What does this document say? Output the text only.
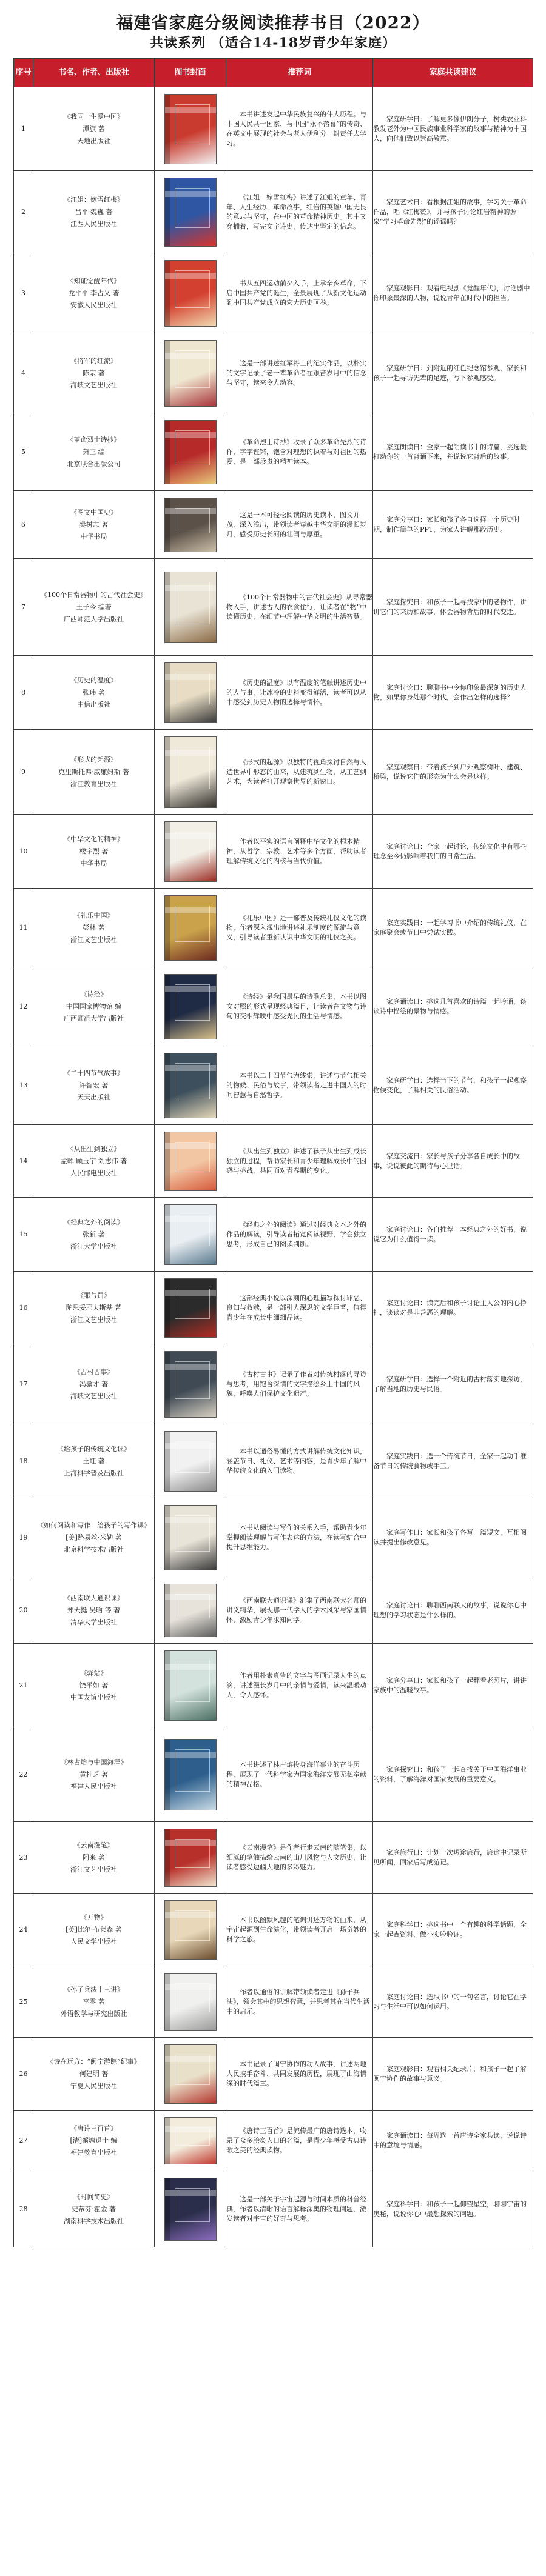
福建省家庭分级阅读推荐书目（2022）
共读系列 （适合14-18岁青少年家庭）
序号	书名、作者、出版社	图书封面	推荐词	家庭共读建议
1	《我同一生爱中国》
潭旗 著
天地出版社		本书讲述发起中华民族复兴的伟大历程。与中国人民共十国家、与中国“永不落幕”的传奇、在英文中展现的社会与老人伊利分一封责任去学习。	家庭研学日：了解更多像伊朗分子，树类农业科教发老外为中国民族事业科学家的故事与精神为中国人，向他们致以崇高敬意。

2	《江姐：嫁雪红梅》
吕平 魏巍 著
江西人民出版社		《江姐：嫁雪红梅》讲述了江姐的童年、青年、人生经历、革命故事，红岩的英雄中国无畏的意志与坚守，在中国的革命精神历史。其中又穿插着，写完文字诗史，传达出坚定的信念。	家庭艺术日：看根据江姐的故事，学习关于革命作品，唱《红梅赞》，并与孩子讨论红岩精神的源泉“学习革命先烈”的谣谣吗？

3	《知证觉醒年代》
龙平平 李占义 著
安徽人民出版社		书从五四运动前夕入手，上承辛亥革命，下启中国共产党的诞生，全景展现了从新文化运动到中国共产党成立的宏大历史画卷。	家庭观影日：观看电视剧《觉醒年代》，讨论剧中你印象最深的人物，说说青年在时代中的担当。

4	《将军的红流》
陈宗 著
海峡文艺出版社		这是一部讲述红军将士的纪实作品，以朴实的文字记录了老一辈革命者在艰苦岁月中的信念与坚守，读来令人动容。	家庭研学日：到附近的红色纪念馆参观，家长和孩子一起寻访先辈的足迹，写下参观感受。

5	《革命烈士诗抄》
萧三 编
北京联合出版公司		《革命烈士诗抄》收录了众多革命先烈的诗作，字字铿锵，饱含对理想的执着与对祖国的热爱，是一部珍贵的精神读本。	家庭朗读日：全家一起朗读书中的诗篇，挑选最打动你的一首背诵下来，并说说它背后的故事。

6	《图文中国史》
樊树志 著
中华书局		这是一本可轻松阅读的历史读本，图文并茂、深入浅出，带领读者穿越中华文明的漫长岁月，感受历史长河的壮阔与厚重。	家庭分享日：家长和孩子各自选择一个历史时期，制作简单的PPT，为家人讲解那段历史。

7	《100个日常器物中的古代社会史》
王子今 编著
广西师范大学出版社		《100个日常器物中的古代社会史》从寻常器物入手，讲述古人的衣食住行，让读者在“物”中读懂历史，在细节中理解中华文明的生活智慧。	家庭探究日：和孩子一起寻找家中的老物件，讲讲它们的来历和故事，体会器物背后的时代变迁。

8	《历史的温度》
张玮 著
中信出版社		《历史的温度》以有温度的笔触讲述历史中的人与事，让冰冷的史料变得鲜活，读者可以从中感受到历史人物的选择与情怀。	家庭讨论日：聊聊书中令你印象最深刻的历史人物，如果你身处那个时代，会作出怎样的选择？

9	《形式的起源》
克里斯托弗·威廉姆斯 著
浙江教育出版社		《形式的起源》以独特的视角探讨自然与人造世界中形态的由来，从建筑到生物，从工艺到艺术，为读者打开观察世界的新窗口。	家庭观察日：带着孩子到户外观察树叶、建筑、桥梁，说说它们的形态为什么会是这样。

10	《中华文化的精神》
楼宇烈 著
中华书局		作者以平实的语言阐释中华文化的根本精神，从哲学、宗教、艺术等多个方面，帮助读者理解传统文化的内核与当代价值。	家庭讨论日：全家一起讨论，传统文化中有哪些理念至今仍影响着我们的日常生活。

11	《礼乐中国》
彭林 著
浙江文艺出版社		《礼乐中国》是一部普及传统礼仪文化的读物，作者深入浅出地讲述礼乐制度的源流与意义，引导读者重新认识中华文明的礼仪之美。	家庭实践日：一起学习书中介绍的传统礼仪，在家庭聚会或节日中尝试实践。

12	《诗经》
中国国家博物馆 编
广西师范大学出版社		《诗经》是我国最早的诗歌总集，本书以图文对照的形式呈现经典篇目，让读者在文物与诗句的交相辉映中感受先民的生活与情感。	家庭诵读日：挑选几首喜欢的诗篇一起吟诵，谈谈诗中描绘的景物与情感。

13	《二十四节气故事》
许智宏 著
天天出版社		本书以二十四节气为线索，讲述与节气相关的物候、民俗与故事，带领读者走进中国人的时间智慧与自然哲学。	家庭研学日：选择当下的节气，和孩子一起观察物候变化，了解相关的民俗活动。

14	《从出生到独立》
孟晖 顾玉宇 刘志伟 著
人民邮电出版社		《从出生到独立》讲述了孩子从出生到成长独立的过程，帮助家长和青少年理解成长中的困惑与挑战，共同面对青春期的变化。	家庭交流日：家长与孩子分享各自成长中的故事，说说彼此的期待与心里话。

15	《经典之外的阅读》
张新 著
浙江大学出版社		《经典之外的阅读》通过对经典文本之外的作品的解读，引导读者拓宽阅读视野，学会独立思考，形成自己的阅读判断。	家庭讨论日：各自推荐一本经典之外的好书，说说它为什么值得一读。

16	《罪与罚》
陀思妥耶夫斯基 著
浙江文艺出版社		这部经典小说以深刻的心理描写探讨罪恶、良知与救赎，是一部引人深思的文学巨著，值得青少年在成长中细细品读。	家庭讨论日：读完后和孩子讨论主人公的内心挣扎，谈谈对是非善恶的理解。

17	《古村古事》
冯骥才 著
海峡文艺出版社		《古村古事》记录了作者对传统村落的寻访与思考，用饱含深情的文字描绘乡土中国的风貌，呼唤人们保护文化遗产。	家庭研学日：选择一个附近的古村落实地探访，了解当地的历史与民俗。

18	《给孩子的传统文化课》
王虹 著
上海科学普及出版社		本书以通俗易懂的方式讲解传统文化知识，涵盖节日、礼仪、艺术等内容，是青少年了解中华传统文化的入门读物。	家庭实践日：选一个传统节日，全家一起动手准备节日的传统食物或手工。

19	《如何阅读和写作：给孩子的写作课》
[美]路易丝·米勒 著
北京科学技术出版社		本书从阅读与写作的关系入手，帮助青少年掌握阅读理解与写作表达的方法，在读写结合中提升思维能力。	家庭写作日：家长和孩子各写一篇短文，互相阅读并提出修改意见。

20	《西南联大通识课》
郑天挺 吴晗 等 著
清华大学出版社		《西南联大通识课》汇集了西南联大名师的讲义精华，展现那一代学人的学术风采与家国情怀，激励青少年求知向学。	家庭讨论日：聊聊西南联大的故事，说说你心中理想的学习状态是什么样的。

21	《驿站》
饶平如 著
中国友谊出版社		作者用朴素真挚的文字与图画记录人生的点滴，讲述漫长岁月中的亲情与爱情，读来温暖动人，令人感怀。	家庭分享日：家长和孩子一起翻看老照片，讲讲家族中的温暖故事。

22	《林占熔与中国海洋》
黄桂芝 著
福建人民出版社		本书讲述了林占熔投身海洋事业的奋斗历程，展现了一代科学家为国家海洋发展无私奉献的精神品格。	家庭探究日：和孩子一起查找关于中国海洋事业的资料，了解海洋对国家发展的重要意义。

23	《云南漫笔》
阿来 著
浙江文艺出版社		《云南漫笔》是作者行走云南的随笔集，以细腻的笔触描绘云南的山川风物与人文历史，让读者感受边疆大地的多彩魅力。	家庭旅行日：计划一次短途旅行，旅途中记录所见所闻，回家后写成游记。

24	《万物》
[英]比尔·布莱森 著
人民文学出版社		本书以幽默风趣的笔调讲述万物的由来，从宇宙起源到生命演化，带领读者开启一场奇妙的科学之旅。	家庭科学日：挑选书中一个有趣的科学话题，全家一起查资料、做小实验验证。

25	《孙子兵法十三讲》
李零 著
外语教学与研究出版社		作者以通俗的讲解带领读者走进《孙子兵法》，领会其中的思想智慧，并思考其在当代生活中的启示。	家庭讨论日：选取书中的一句名言，讨论它在学习与生活中可以如何运用。

26	《诗在远方：“闽宁游踪”纪事》
何建明 著
宁夏人民出版社		本书记录了闽宁协作的动人故事，讲述两地人民携手奋斗、共同发展的历程，展现了山海情深的时代篇章。	家庭观影日：观看相关纪录片，和孩子一起了解闽宁协作的故事与意义。

27	《唐诗三百首》
[清]蘅塘退士 编
福建教育出版社		《唐诗三百首》是流传最广的唐诗选本，收录了众多脍炙人口的名篇，是青少年感受古典诗歌之美的经典读物。	家庭诵读日：每周选一首唐诗全家共读，说说诗中的意境与情感。

28	《时间简史》
史蒂芬·霍金 著
湖南科学技术出版社		这是一部关于宇宙起源与时间本质的科普经典，作者以清晰的语言解释深奥的物理问题，激发读者对宇宙的好奇与思考。	家庭科学日：和孩子一起仰望星空，聊聊宇宙的奥秘，说说你心中最想探索的问题。
